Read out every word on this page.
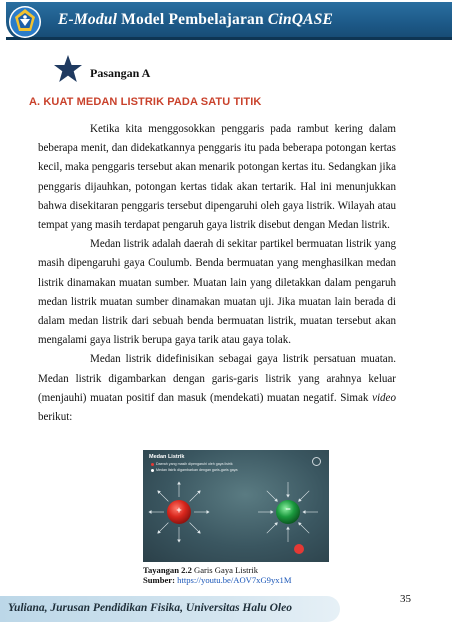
E-Modul Model Pembelajaran CinQASE
Pasangan A
A. KUAT MEDAN LISTRIK PADA SATU TITIK

Ketika kita menggosokkan penggaris pada rambut kering dalam beberapa menit, dan didekatkannya penggaris itu pada beberapa potongan kertas kecil, maka penggaris tersebut akan menarik potongan kertas itu. Sedangkan jika penggaris dijauhkan, potongan kertas tidak akan tertarik. Hal ini menunjukkan bahwa disekitaran penggaris tersebut dipengaruhi oleh gaya listrik. Wilayah atau tempat yang masih terdapat pengaruh gaya listrik disebut dengan Medan listrik.

Medan listrik adalah daerah di sekitar partikel bermuatan listrik yang masih dipengaruhi gaya Coulumb. Benda bermuatan yang menghasilkan medan listrik dinamakan muatan sumber. Muatan lain yang diletakkan dalam pengaruh medan listrik muatan sumber dinamakan muatan uji. Jika muatan lain berada di dalam medan listrik dari sebuah benda bermuatan listrik, muatan tersebut akan mengalami gaya listrik berupa gaya tarik atau gaya tolak.

Medan listrik didefinisikan sebagai gaya listrik persatuan muatan. Medan listrik digambarkan dengan garis-garis listrik yang arahnya keluar (menjauhi) muatan positif dan masuk (mendekati) muatan negatif. Simak video berikut:

Medan Listrik
Daerah yang masih dipengaruhi oleh gaya listrik
Medan listrik digambarkan dengan garis-garis gaya
+	−
Tayangan 2.2 Garis Gaya Listrik
Sumber: https://youtu.be/AOV7xG9yx1M
Yuliana, Jurusan Pendidikan Fisika, Universitas Halu Oleo
35
